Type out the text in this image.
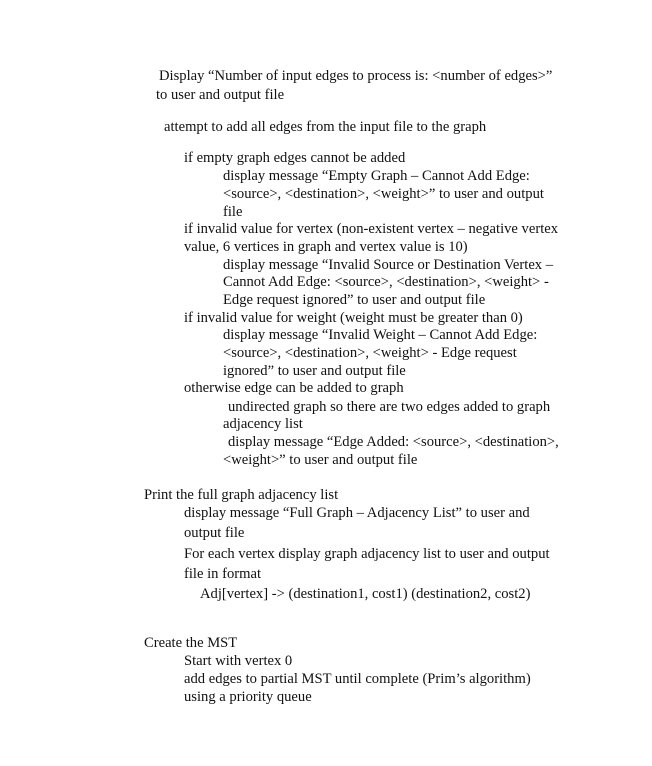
Display “Number of input edges to process is: <number of edges>”
to user and output file
attempt to add all edges from the input file to the graph
if empty graph edges cannot be added
display message “Empty Graph – Cannot Add Edge:
<source>, <destination>, <weight>” to user and output
file
if invalid value for vertex (non-existent vertex – negative vertex
value, 6 vertices in graph and vertex value is 10)
display message “Invalid Source or Destination Vertex –
Cannot Add Edge: <source>, <destination>, <weight> -
Edge request ignored” to user and output file
if invalid value for weight (weight must be greater than 0)
display message “Invalid Weight – Cannot Add Edge:
<source>, <destination>, <weight> - Edge request
ignored” to user and output file
otherwise edge can be added to graph
undirected graph so there are two edges added to graph
adjacency list
display message “Edge Added: <source>, <destination>,
<weight>” to user and output file
Print the full graph adjacency list
display message “Full Graph – Adjacency List” to user and
output file
For each vertex display graph adjacency list to user and output
file in format
Adj[vertex] -> (destination1, cost1) (destination2, cost2)
Create the MST
Start with vertex 0
add edges to partial MST until complete (Prim’s algorithm)
using a priority queue
